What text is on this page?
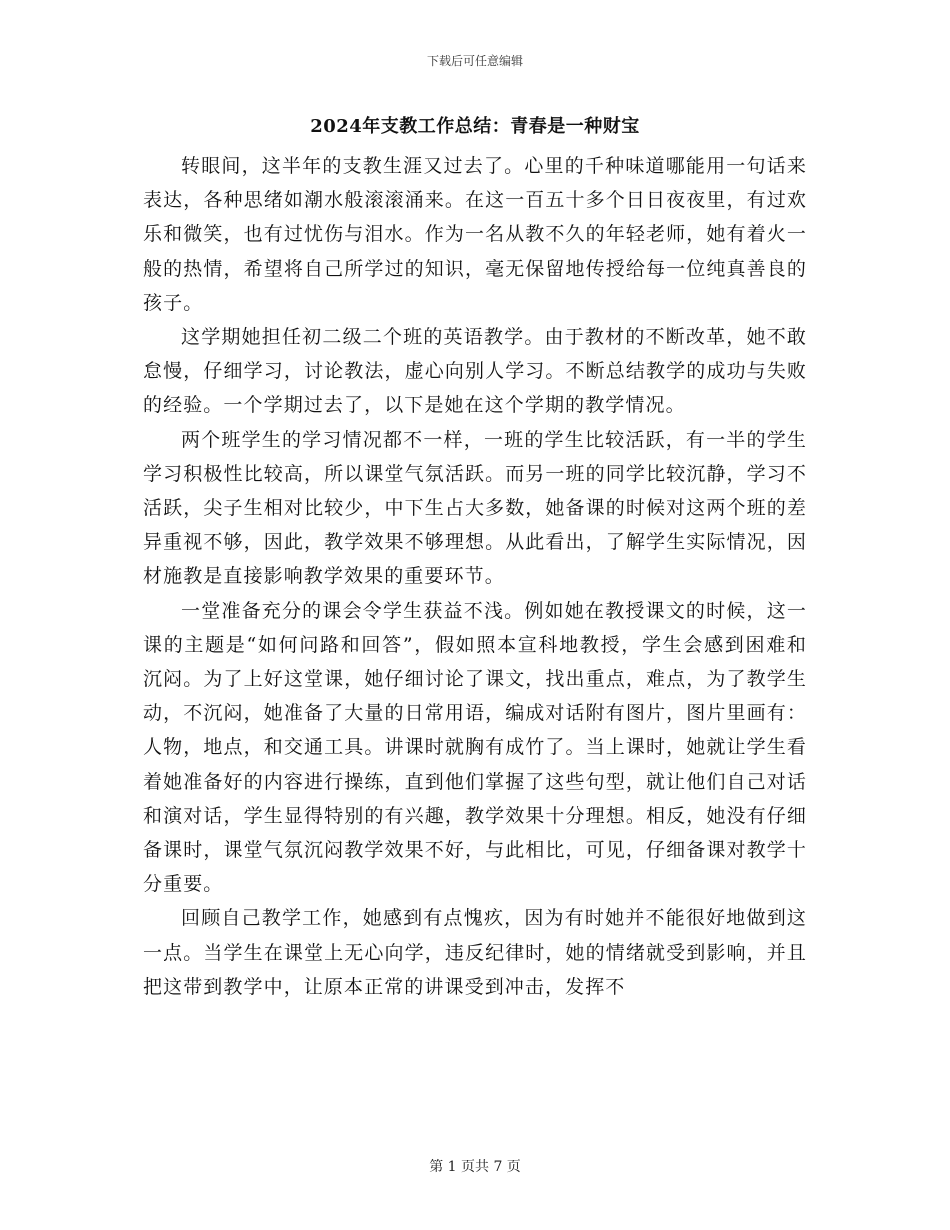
下载后可任意编辑
2024年支教工作总结：青春是一种财宝

转眼间，这半年的支教生涯又过去了。心里的千种味道哪能用一句话来表达，各种思绪如潮水般滚滚涌来。在这一百五十多个日日夜夜里，有过欢乐和微笑，也有过忧伤与泪水。作为一名从教不久的年轻老师，她有着火一般的热情，希望将自己所学过的知识，毫无保留地传授给每一位纯真善良的孩子。

这学期她担任初二级二个班的英语教学。由于教材的不断改革，她不敢怠慢，仔细学习，讨论教法，虚心向别人学习。不断总结教学的成功与失败的经验。一个学期过去了，以下是她在这个学期的教学情况。

两个班学生的学习情况都不一样，一班的学生比较活跃，有一半的学生学习积极性比较高，所以课堂气氛活跃。而另一班的同学比较沉静，学习不活跃，尖子生相对比较少，中下生占大多数，她备课的时候对这两个班的差异重视不够，因此，教学效果不够理想。从此看出，了解学生实际情况，因材施教是直接影响教学效果的重要环节。

一堂准备充分的课会令学生获益不浅。例如她在教授课文的时候，这一课的主题是“如何问路和回答”，假如照本宣科地教授，学生会感到困难和沉闷。为了上好这堂课，她仔细讨论了课文，找出重点，难点，为了教学生动，不沉闷，她准备了大量的日常用语，编成对话附有图片，图片里画有：人物，地点，和交通工具。讲课时就胸有成竹了。当上课时，她就让学生看着她准备好的内容进行操练，直到他们掌握了这些句型，就让他们自己对话和演对话，学生显得特别的有兴趣，教学效果十分理想。相反，她没有仔细备课时，课堂气氛沉闷教学效果不好，与此相比，可见，仔细备课对教学十分重要。

回顾自己教学工作，她感到有点愧疚，因为有时她并不能很好地做到这一点。当学生在课堂上无心向学，违反纪律时，她的情绪就受到影响，并且把这带到教学中，让原本正常的讲课受到冲击，发挥不

第 1 页共 7 页
